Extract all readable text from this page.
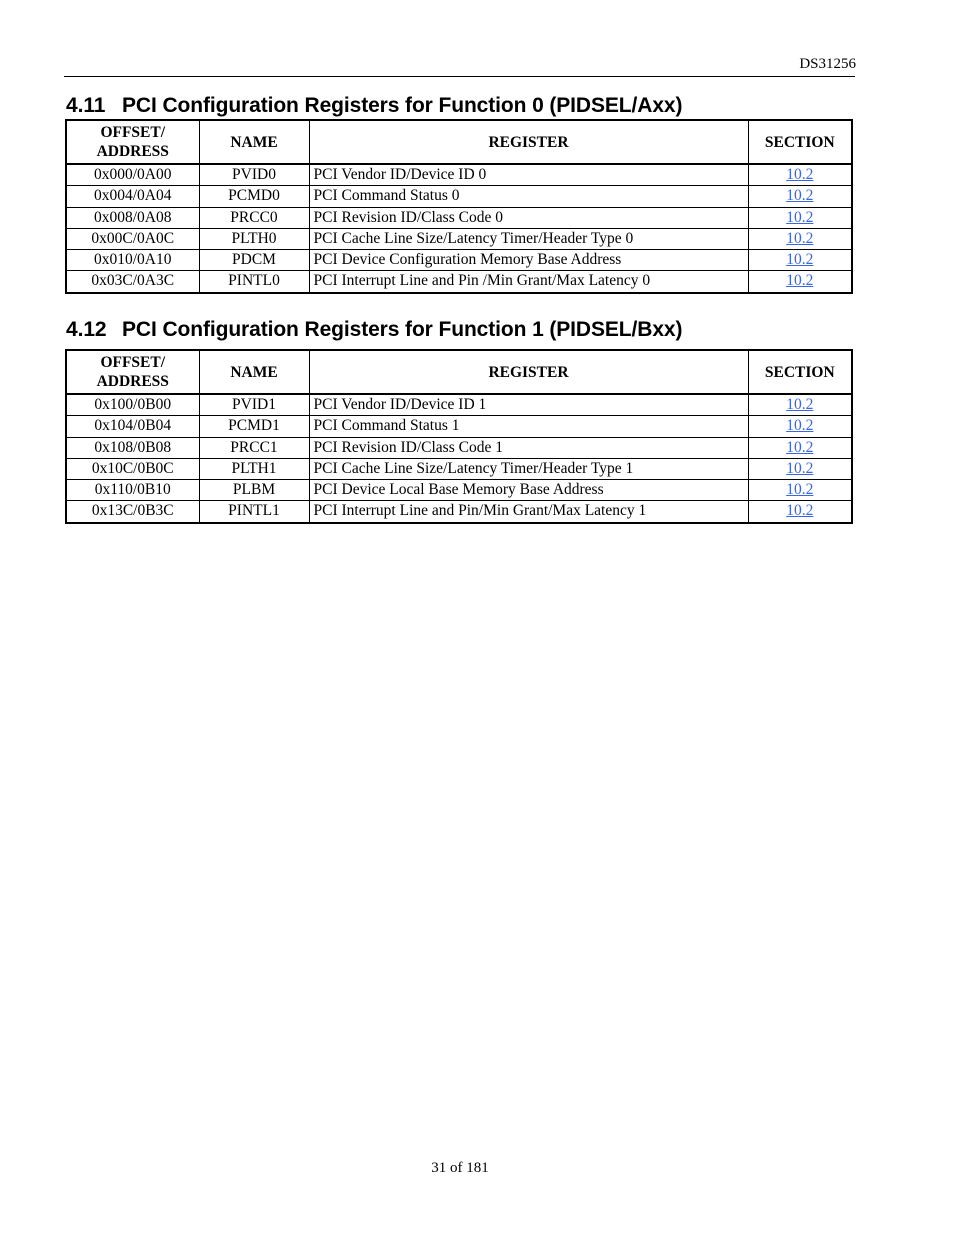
DS31256
4.11 PCI Configuration Registers for Function 0 (PIDSEL/Axx)
OFFSET/
ADDRESS	NAME	REGISTER	SECTION
0x000/0A00	PVID0	PCI Vendor ID/Device ID 0	10.2
0x004/0A04	PCMD0	PCI Command Status 0	10.2
0x008/0A08	PRCC0	PCI Revision ID/Class Code 0	10.2
0x00C/0A0C	PLTH0	PCI Cache Line Size/Latency Timer/Header Type 0	10.2
0x010/0A10	PDCM	PCI Device Configuration Memory Base Address	10.2
0x03C/0A3C	PINTL0	PCI Interrupt Line and Pin /Min Grant/Max Latency 0	10.2
4.12 PCI Configuration Registers for Function 1 (PIDSEL/Bxx)
OFFSET/
ADDRESS	NAME	REGISTER	SECTION
0x100/0B00	PVID1	PCI Vendor ID/Device ID 1	10.2
0x104/0B04	PCMD1	PCI Command Status 1	10.2
0x108/0B08	PRCC1	PCI Revision ID/Class Code 1	10.2
0x10C/0B0C	PLTH1	PCI Cache Line Size/Latency Timer/Header Type 1	10.2
0x110/0B10	PLBM	PCI Device Local Base Memory Base Address	10.2
0x13C/0B3C	PINTL1	PCI Interrupt Line and Pin/Min Grant/Max Latency 1	10.2
31 of 181
